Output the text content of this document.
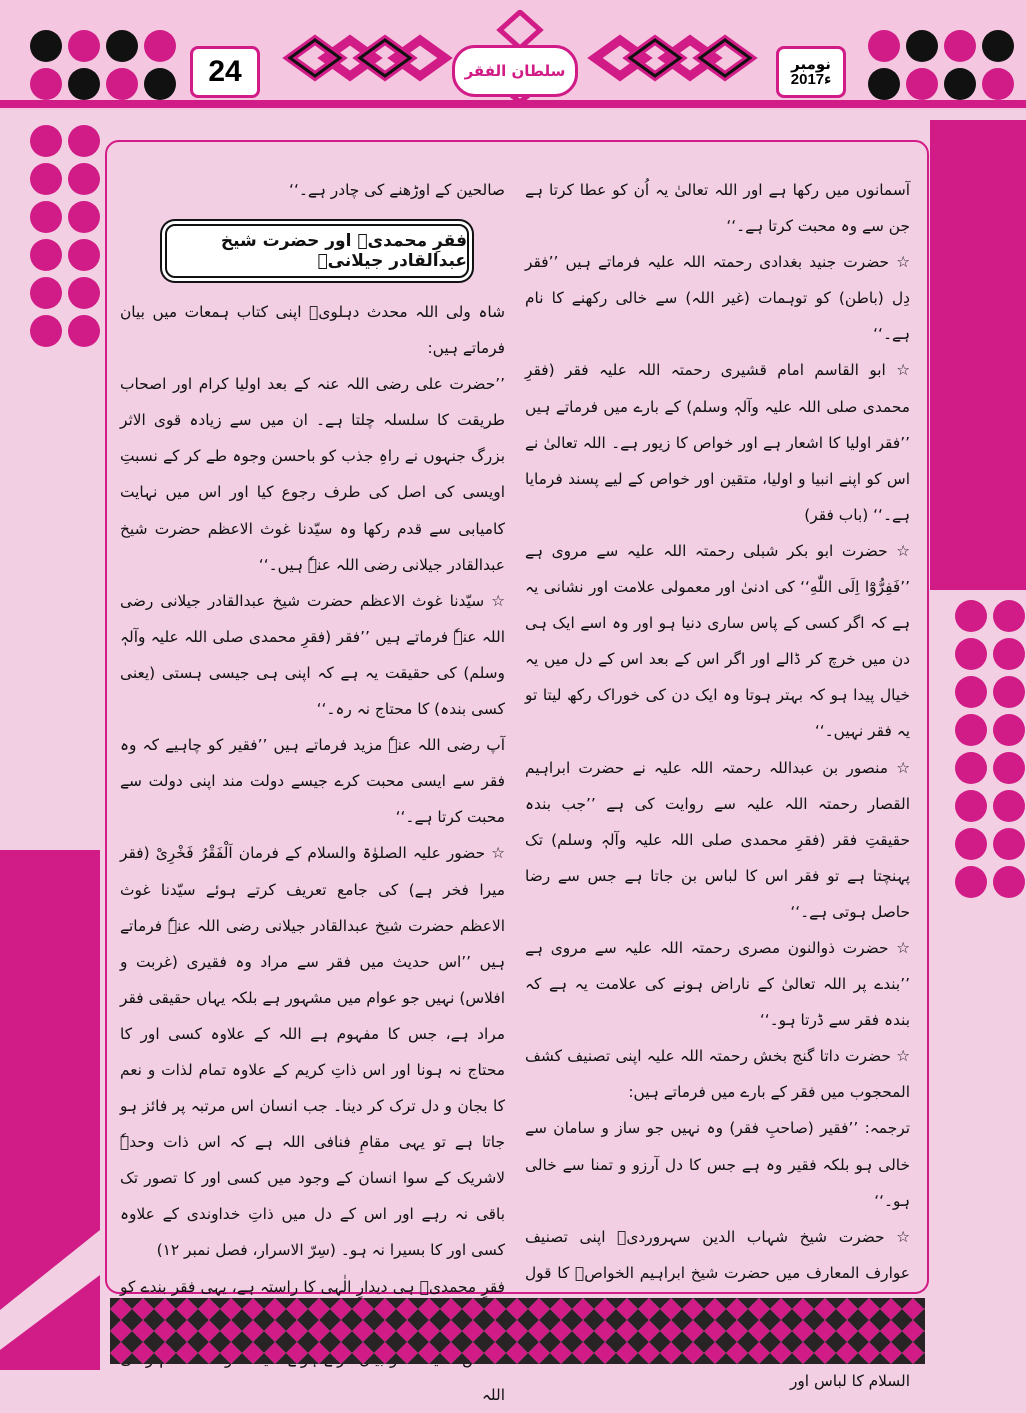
24	سلطان الفقر	نومبر
2017ء

آسمانوں میں رکھا ہے اور اللہ تعالیٰ یہ اُن کو عطا کرتا ہے جن سے وہ محبت کرتا ہے۔‘‘

☆ حضرت جنید بغدادی رحمتہ اللہ علیہ فرماتے ہیں ’’فقر دِل (باطن) کو توہمات (غیر اللہ) سے خالی رکھنے کا نام ہے۔‘‘

☆ ابو القاسم امام قشیری رحمتہ اللہ علیہ فقر (فقرِ محمدی صلی اللہ علیہ وآلہٖ وسلم) کے بارے میں فرماتے ہیں ’’فقر اولیا کا اشعار ہے اور خواص کا زیور ہے۔ اللہ تعالیٰ نے اس کو اپنے انبیا و اولیا، متقین اور خواص کے لیے پسند فرمایا ہے۔‘‘ (باب فقر)

☆ حضرت ابو بکر شبلی رحمتہ اللہ علیہ سے مروی ہے ’’فَفِرُّوْٓا اِلَى اللّٰهِ‘‘ کی ادنیٰ اور معمولی علامت اور نشانی یہ ہے کہ اگر کسی کے پاس ساری دنیا ہو اور وہ اسے ایک ہی دن میں خرچ کر ڈالے اور اگر اس کے بعد اس کے دل میں یہ خیال پیدا ہو کہ بہتر ہوتا وہ ایک دن کی خوراک رکھ لیتا تو یہ فقر نہیں۔‘‘

☆ منصور بن عبداللہ رحمتہ اللہ علیہ نے حضرت ابراہیم القصار رحمتہ اللہ علیہ سے روایت کی ہے ’’جب بندہ حقیقتِ فقر (فقرِ محمدی صلی اللہ علیہ وآلہٖ وسلم) تک پہنچتا ہے تو فقر اس کا لباس بن جاتا ہے جس سے رضا حاصل ہوتی ہے۔‘‘

☆ حضرت ذوالنون مصری رحمتہ اللہ علیہ سے مروی ہے ’’بندے پر اللہ تعالیٰ کے ناراض ہونے کی علامت یہ ہے کہ بندہ فقر سے ڈرتا ہو۔‘‘

☆ حضرت داتا گنج بخش رحمتہ اللہ علیہ اپنی تصنیف کشف المحجوب میں فقر کے بارے میں فرماتے ہیں:

ترجمہ: ’’فقیر (صاحبِ فقر) وہ نہیں جو ساز و سامان سے خالی ہو بلکہ فقیر وہ ہے جس کا دل آرزو و تمنا سے خالی ہو۔‘‘

☆ حضرت شیخ شہاب الدین سہروردیؒ اپنی تصنیف عوارف المعارف میں حضرت شیخ ابراہیم الخواصؒ کا قول

السلام کا لباس اور

صالحین کے اوڑھنے کی چادر ہے۔‘‘

فقرِ محمدیؐ اور حضرت شیخ عبدالقادر جیلانیؓ

شاہ ولی اللہ محدث دہلویؒ اپنی کتاب ہمعات میں بیان فرماتے ہیں:

’’حضرت علی رضی اللہ عنہ کے بعد اولیا کرام اور اصحاب طریقت کا سلسلہ چلتا ہے۔ ان میں سے زیادہ قوی الاثر بزرگ جنہوں نے راہِ جذب کو باحسن وجوہ طے کر کے نسبتِ اویسی کی اصل کی طرف رجوع کیا اور اس میں نہایت کامیابی سے قدم رکھا وہ سیّدنا غوث الاعظم حضرت شیخ عبدالقادر جیلانی رضی اللہ عنہٗ ہیں۔‘‘

☆ سیّدنا غوث الاعظم حضرت شیخ عبدالقادر جیلانی رضی اللہ عنہٗ فرماتے ہیں ’’فقر (فقرِ محمدی صلی اللہ علیہ وآلہٖ وسلم) کی حقیقت یہ ہے کہ اپنی ہی جیسی ہستی (یعنی کسی بندہ) کا محتاج نہ رہ۔‘‘

آپ رضی اللہ عنہٗ مزید فرماتے ہیں ’’فقیر کو چاہیے کہ وہ فقر سے ایسی محبت کرے جیسے دولت مند اپنی دولت سے محبت کرتا ہے۔‘‘

☆ حضور علیہ الصلوٰۃ والسلام کے فرمان اَلْفَقْرُ فَخْرِیْ (فقر میرا فخر ہے) کی جامع تعریف کرتے ہوئے سیّدنا غوث الاعظم حضرت شیخ عبدالقادر جیلانی رضی اللہ عنہٗ فرماتے ہیں ’’اس حدیث میں فقر سے مراد وہ فقیری (غربت و افلاس) نہیں جو عوام میں مشہور ہے بلکہ یہاں حقیقی فقر مراد ہے، جس کا مفہوم ہے اللہ کے علاوہ کسی اور کا محتاج نہ ہونا اور اس ذاتِ کریم کے علاوہ تمام لذات و نعم کا بجان و دل ترک کر دینا۔ جب انسان اس مرتبہ پر فائز ہو جاتا ہے تو یہی مقامِ فنافی اللہ ہے کہ اس ذات وحدہٗ لاشریک کے سوا انسان کے وجود میں کسی اور کا تصور تک باقی نہ رہے اور اس کے دل میں ذاتِ خداوندی کے علاوہ کسی اور کا بسیرا نہ ہو۔ (سِرّ الاسرار، فصل نمبر ۱۲)

فقرِ محمدیؐ ہی دیدارِ الٰہی کا راستہ ہے، یہی فقر بندے کو

اللہ
